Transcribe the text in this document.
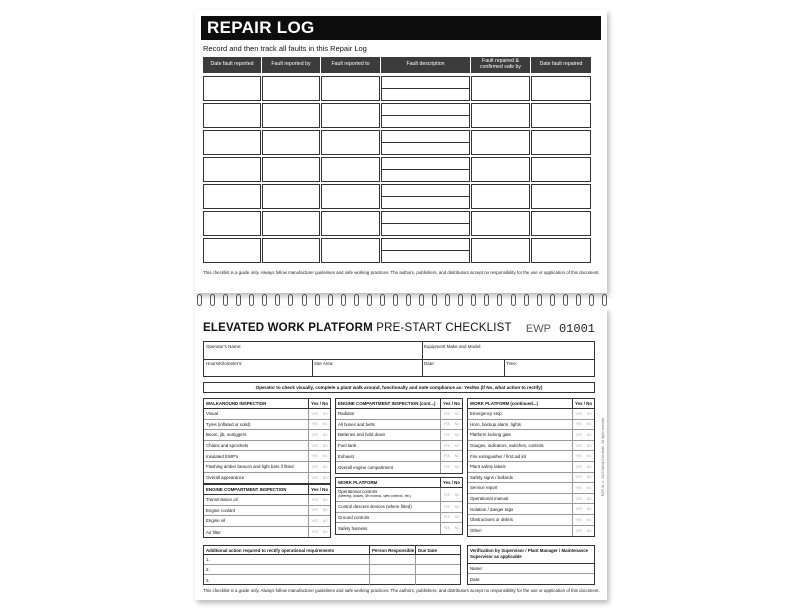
REPAIR LOG
Record and then track all faults in this Repair Log
Date fault reported	Fault reported by	Fault reported to	Fault description	Fault repaired & confirmed safe by	Date fault repaired
This checklist is a guide only. Always follow manufacturer guidelines and safe working practices. The authors, publishers, and distributors accept no responsibility for the use or application of this document.
ELEVATED WORK PLATFORM PRE-START CHECKLIST EWP 01001
Operator's Name:	Equipment Make and Model:
Hours/Kilometer's:	Site Area:	Date:	Time:
Operator to check visually, complete a plant walk around, functionally and note compliance as: Yes/No (if No, what action to rectify)
WALKAROUND INSPECTION	Yes / No
Visual	YES NO
Tyres (inflated or solid)	YES NO
Boom, jib, outriggers	YES NO
Chains and sprockets	YES NO
Insulated EWP's	YES NO
Flashing amber beacon and light bars if fitted	YES NO
Overall appearance	YES NO
ENGINE COMPARTMENT INSPECTION	Yes / No
Transmission oil	YES NO
Engine coolant	YES NO
Engine oil	YES NO
Air filter	YES NO
ENGINE COMPARTMENT INSPECTION (cont...)	Yes / No
Radiator	YES NO
All hoses and belts	YES NO
Batteries and hold down	YES NO
Fuel tank	YES NO
Exhaust	YES NO
Overall engine compartment	YES NO
WORK PLATFORM	Yes / No
Operational controls
(steering, brakes, lift controls, slew controls, etc.)	YES NO
Control descent devices (where fitted)	YES NO
Ground controls	YES NO
Safety harness	YES NO
WORK PLATFORM (continued...)	Yes / No
Emergency stop	YES NO
Horn, backup alarm, lights	YES NO
Platform locking gate	YES NO
Gauges, indicators, switches, controls	YES NO
Fire extinguisher / first aid kit	YES NO
Plant safety labels	YES NO
Safety signs / bollards	YES NO
Service report	YES NO
Operational manual	YES NO
Isolation / danger tags	YES NO
Obstructions or debris	YES NO
Other:	YES NO
Additional action required to rectify operational requirements	Person Responsible Due Date
1.
2.
3.
Verification by Supervisor / Plant Manager / Maintenance Supervisor as applicable
Name:
Date:
This checklist is a guide only. Always follow manufacturer guidelines and safe working practices. The authors, publishers, and distributors accept no responsibility for the use or application of this document.
EWP-01 © 2013 Safety Checklists · All rights reserved
